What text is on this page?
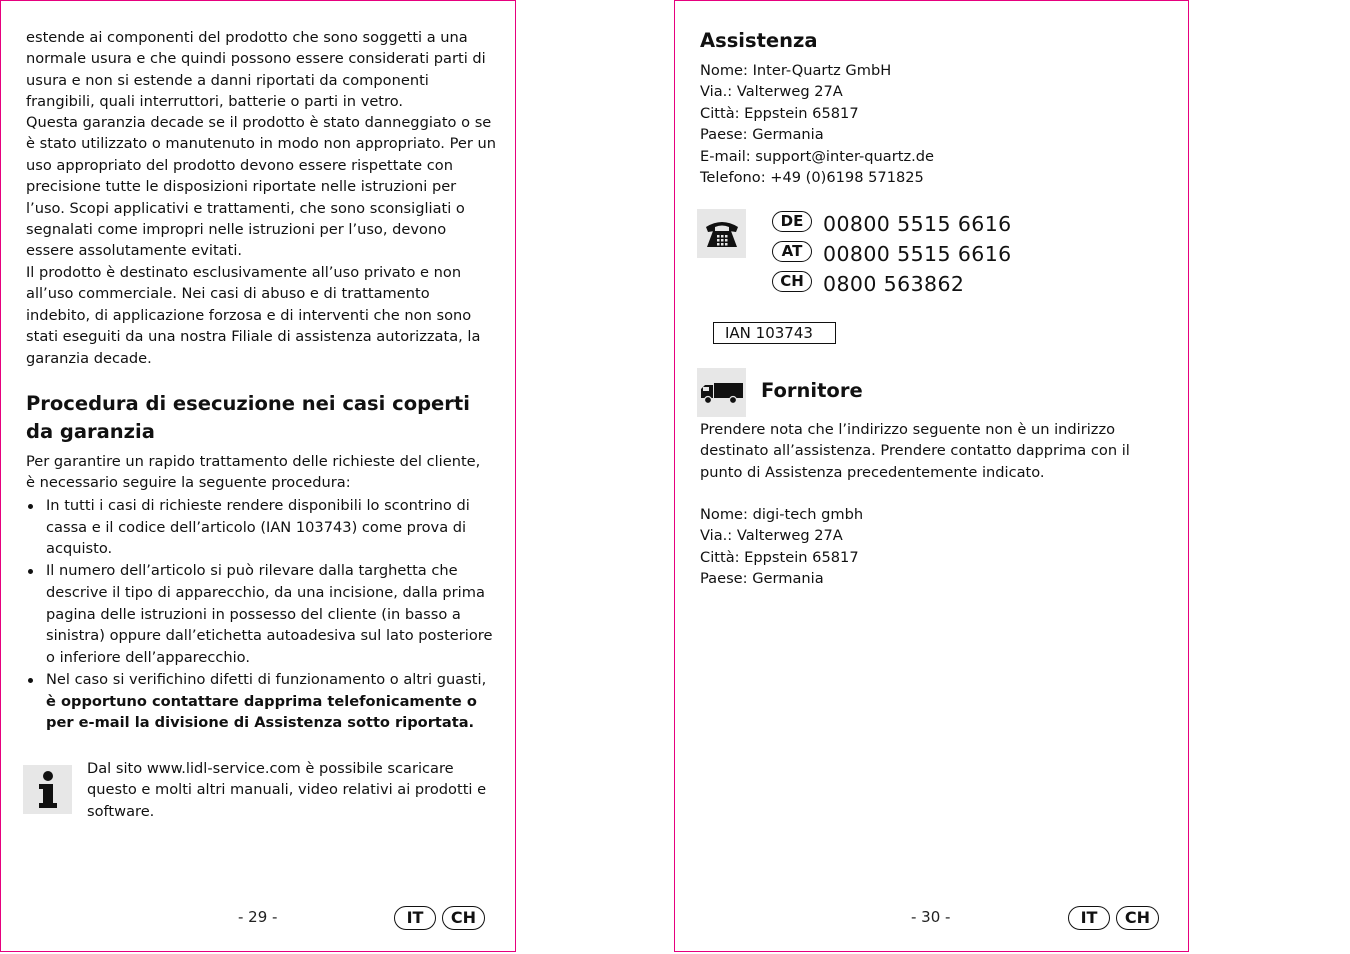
estende ai componenti del prodotto che sono soggetti a una normale usura e che quindi possono essere considerati parti di usura e non si estende a danni riportati da componenti frangibili, quali interruttori, batterie o parti in vetro.

Questa garanzia decade se il prodotto è stato danneggiato o se è stato utilizzato o manutenuto in modo non appropriato. Per un uso appropriato del prodotto devono essere rispettate con precisione tutte le disposizioni riportate nelle istruzioni per l’uso. Scopi applicativi e trattamenti, che sono sconsigliati o segnalati come impropri nelle istruzioni per l’uso, devono essere assolutamente evitati.

Il prodotto è destinato esclusivamente all’uso privato e non all’uso commerciale. Nei casi di abuso e di trattamento indebito, di applicazione forzosa e di interventi che non sono stati eseguiti da una nostra Filiale di assistenza autorizzata, la garanzia decade.

Procedura di esecuzione nei casi coperti da garanzia

Per garantire un rapido trattamento delle richieste del cliente, è necessario seguire la seguente procedura:

In tutti i casi di richieste rendere disponibili lo scontrino di cassa e il codice dell’articolo (IAN 103743) come prova di acquisto.
Il numero dell’articolo si può rilevare dalla targhetta che descrive il tipo di apparecchio, da una incisione, dalla prima pagina delle istruzioni in possesso del cliente (in basso a sinistra) oppure dall’etichetta autoadesiva sul lato posteriore o inferiore dell’apparecchio.
Nel caso si verifichino difetti di funzionamento o altri guasti, è opportuno contattare dapprima telefonicamente o per e-mail la divisione di Assistenza sotto riportata.

Dal sito www.lidl-service.com è possibile scaricare questo e molti altri manuali, video relativi ai prodotti e software.

- 29 -	IT	CH
Assistenza
Nome: Inter-Quartz GmbH
Via.: Valterweg 27A
Città: Eppstein 65817
Paese: Germania
E-mail: support@inter-quartz.de
Telefono: +49 (0)6198 571825
DE 00800 5515 6616
AT	00800 5515 6616
CH 0800 563862
IAN 103743
Fornitore

Prendere nota che l’indirizzo seguente non è un indirizzo destinato all’assistenza. Prendere contatto dapprima con il punto di Assistenza precedentemente indicato.

Nome: digi-tech gmbh
Via.: Valterweg 27A
Città: Eppstein 65817
Paese: Germania
- 30 -	IT	CH
